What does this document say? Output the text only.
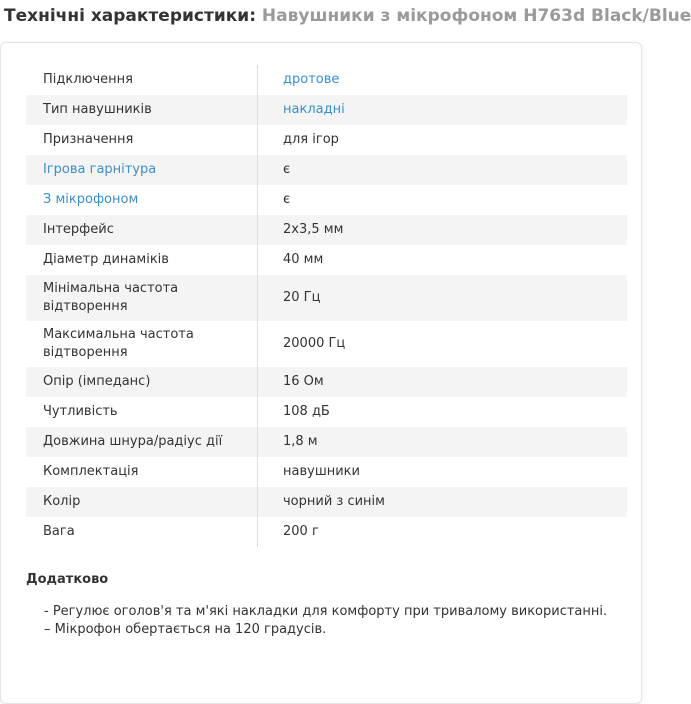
Технічні характеристики: Навушники з мікрофоном H763d Black/Blue
Підключення	дротове
Тип навушників	накладні
Призначення	для ігор
Ігрова гарнітура	є
З мікрофоном	є
Інтерфейс	2х3,5 мм
Діаметр динаміків	40 мм
Мінімальна частота відтворення	20 Гц
Максимальна частота відтворення	20000 Гц
Опір (імпеданс)	16 Ом
Чутливість	108 дБ
Довжина шнура/радіус дії	1,8 м
Комплектація	навушники
Колір	чорний з синім
Вага	200 г
Додатково
- Регулює оголов'я та м'які накладки для комфорту при тривалому використанні.
– Мікрофон обертається на 120 градусів.
